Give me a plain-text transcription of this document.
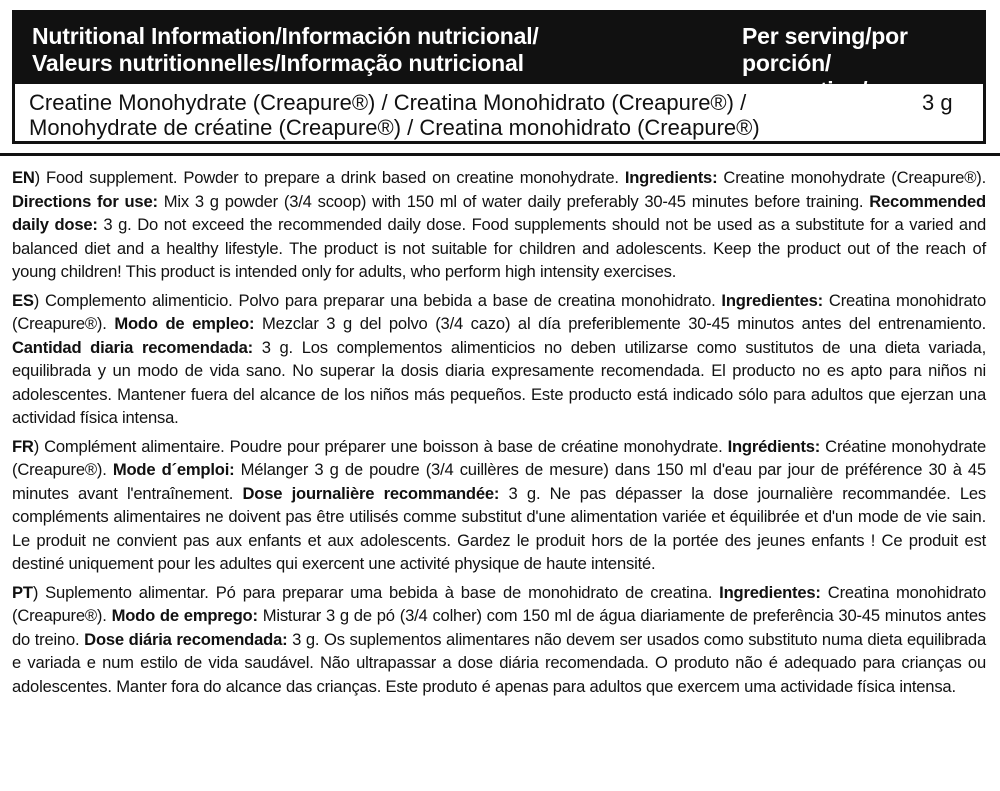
Nutritional Information/Información nutricional/
Valeurs nutritionnelles/Informação nutricional
Per serving/por porción/
par portion/por porção
Creatine Monohydrate (Creapure®) / Creatina Monohidrato (Creapure®) /
Monohydrate de créatine (Creapure®) / Creatina monohidrato (Creapure®)
3 g

EN) Food supplement. Powder to prepare a drink based on creatine monohydrate. Ingredients: Creatine monohydrate (Creapure®). Directions for use: Mix 3 g powder (3/4 scoop) with 150 ml of water daily preferably 30-45 minutes before training. Recommended daily dose: 3 g. Do not exceed the recommended daily dose. Food supplements should not be used as a substitute for a varied and balanced diet and a healthy lifestyle. The product is not suitable for children and adolescents. Keep the product out of the reach of young children! This product is intended only for adults, who perform high intensity exercises.

ES) Complemento alimenticio. Polvo para preparar una bebida a base de creatina monohidrato. Ingredientes: Creatina monohidrato (Creapure®). Modo de empleo: Mezclar 3 g del polvo (3/4 cazo) al día preferiblemente 30-45 minutos antes del entrenamiento. Cantidad diaria recomendada: 3 g. Los complementos alimenticios no deben utilizarse como sustitutos de una dieta variada, equilibrada y un modo de vida sano. No superar la dosis diaria expresamente recomendada. El producto no es apto para niños ni adolescentes. Mantener fuera del alcance de los niños más pequeños. Este producto está indicado sólo para adultos que ejerzan una actividad física intensa.

FR) Complément alimentaire. Poudre pour préparer une boisson à base de créatine monohydrate. Ingrédients: Créatine monohydrate (Creapure®). Mode d´emploi: Mélanger 3 g de poudre (3/4 cuillères de mesure) dans 150 ml d'eau par jour de préférence 30 à 45 minutes avant l'entraînement. Dose journalière recommandée: 3 g. Ne pas dépasser la dose journalière recommandée. Les compléments alimentaires ne doivent pas être utilisés comme substitut d'une alimentation variée et équilibrée et d'un mode de vie sain. Le produit ne convient pas aux enfants et aux adolescents. Gardez le produit hors de la portée des jeunes enfants ! Ce produit est destiné uniquement pour les adultes qui exercent une activité physique de haute intensité.

PT) Suplemento alimentar. Pó para preparar uma bebida à base de monohidrato de creatina. Ingredientes: Creatina monohidrato (Creapure®). Modo de emprego: Misturar 3 g de pó (3/4 colher) com 150 ml de água diariamente de preferência 30-45 minutos antes do treino. Dose diária recomendada: 3 g. Os suplementos alimentares não devem ser usados como substituto numa dieta equilibrada e variada e num estilo de vida saudável. Não ultrapassar a dose diária recomendada. O produto não é adequado para crianças ou adolescentes. Manter fora do alcance das crianças. Este produto é apenas para adultos que exercem uma actividade física intensa.
